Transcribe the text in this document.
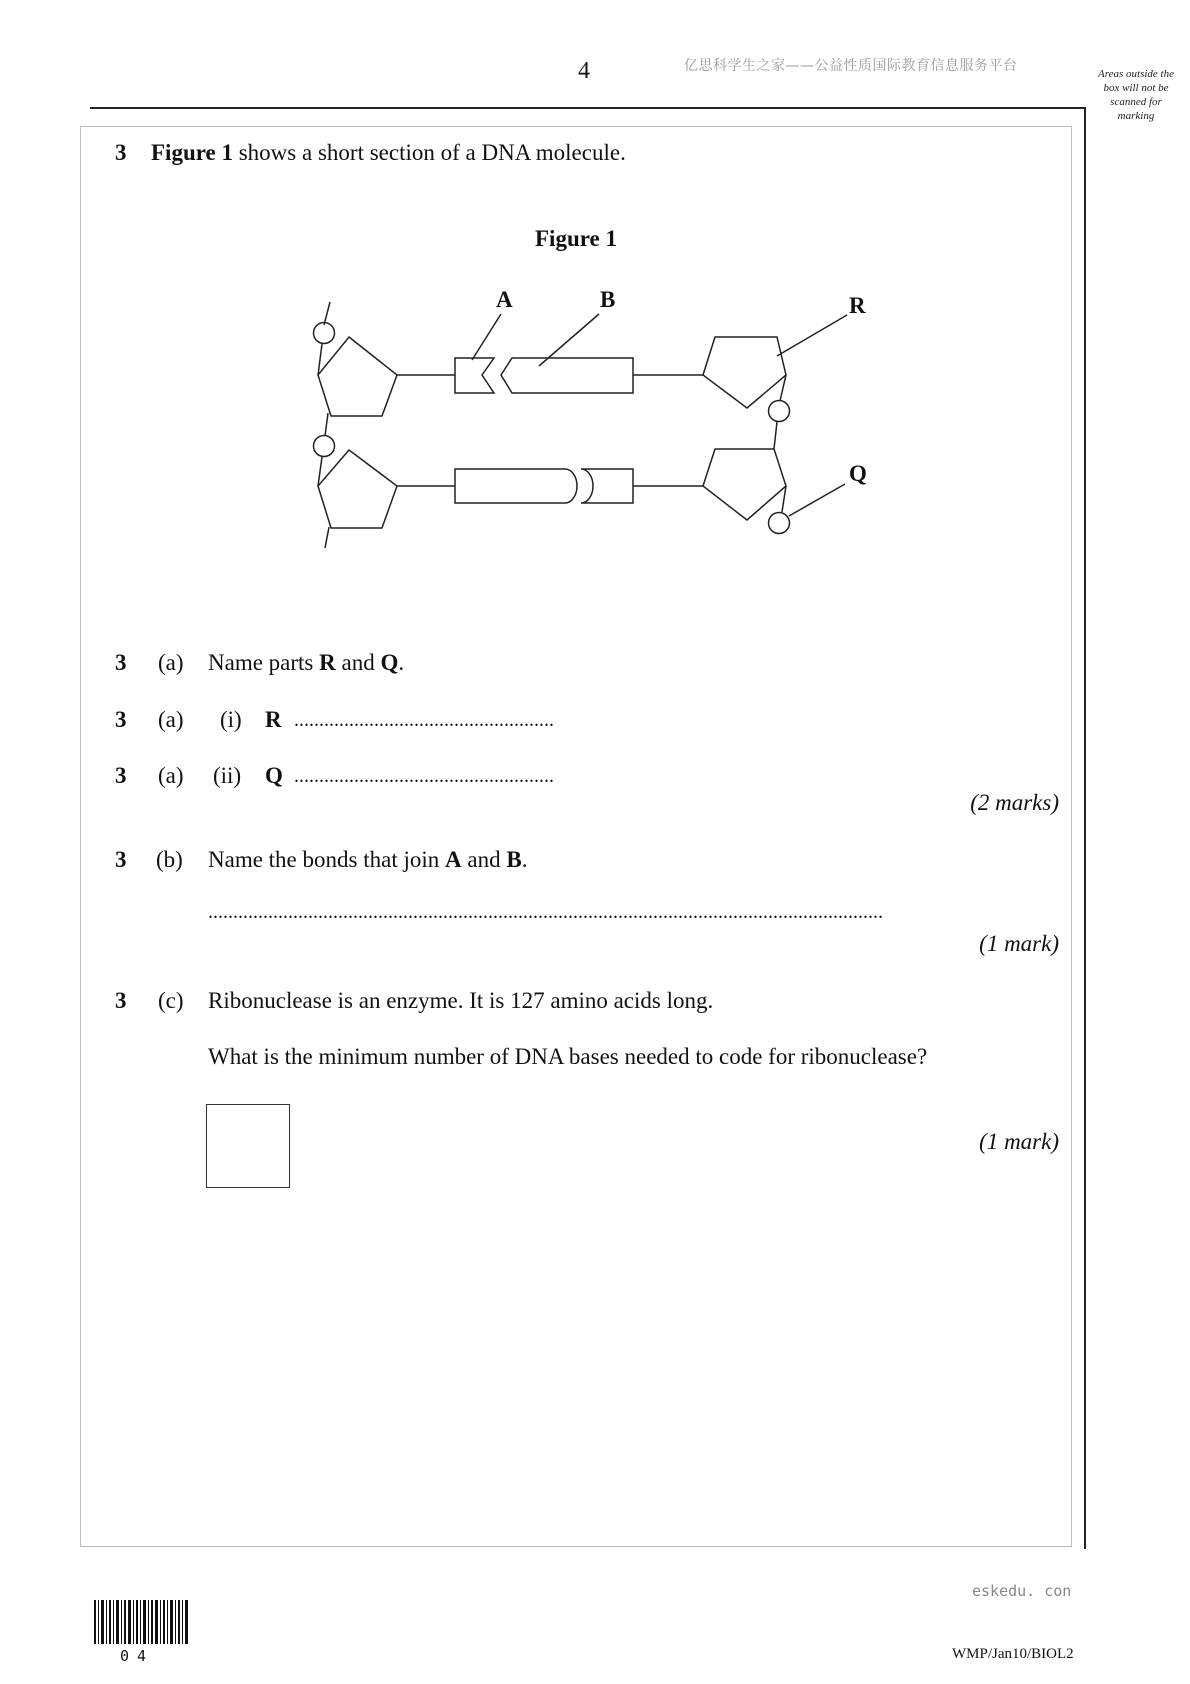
4	亿思科学生之家——公益性质国际教育信息服务平台	Areas outside the box will not be scanned for marking
3 Figure 1 shows a short section of a DNA molecule.
Figure 1
A	B	R
Q
3 (a) Name parts R and Q.
3 (a) (i) R ....................................................
3 (a) (ii) Q ....................................................
(2 marks)
3 (b) Name the bonds that join A and B.
.......................................................................................................................................
(1 mark)
3 (c) Ribonuclease is an enzyme. It is 127 amino acids long.
What is the minimum number of DNA bases needed to code for ribonuclease?
(1 mark)
eskedu. con
04	WMP/Jan10/BIOL2
